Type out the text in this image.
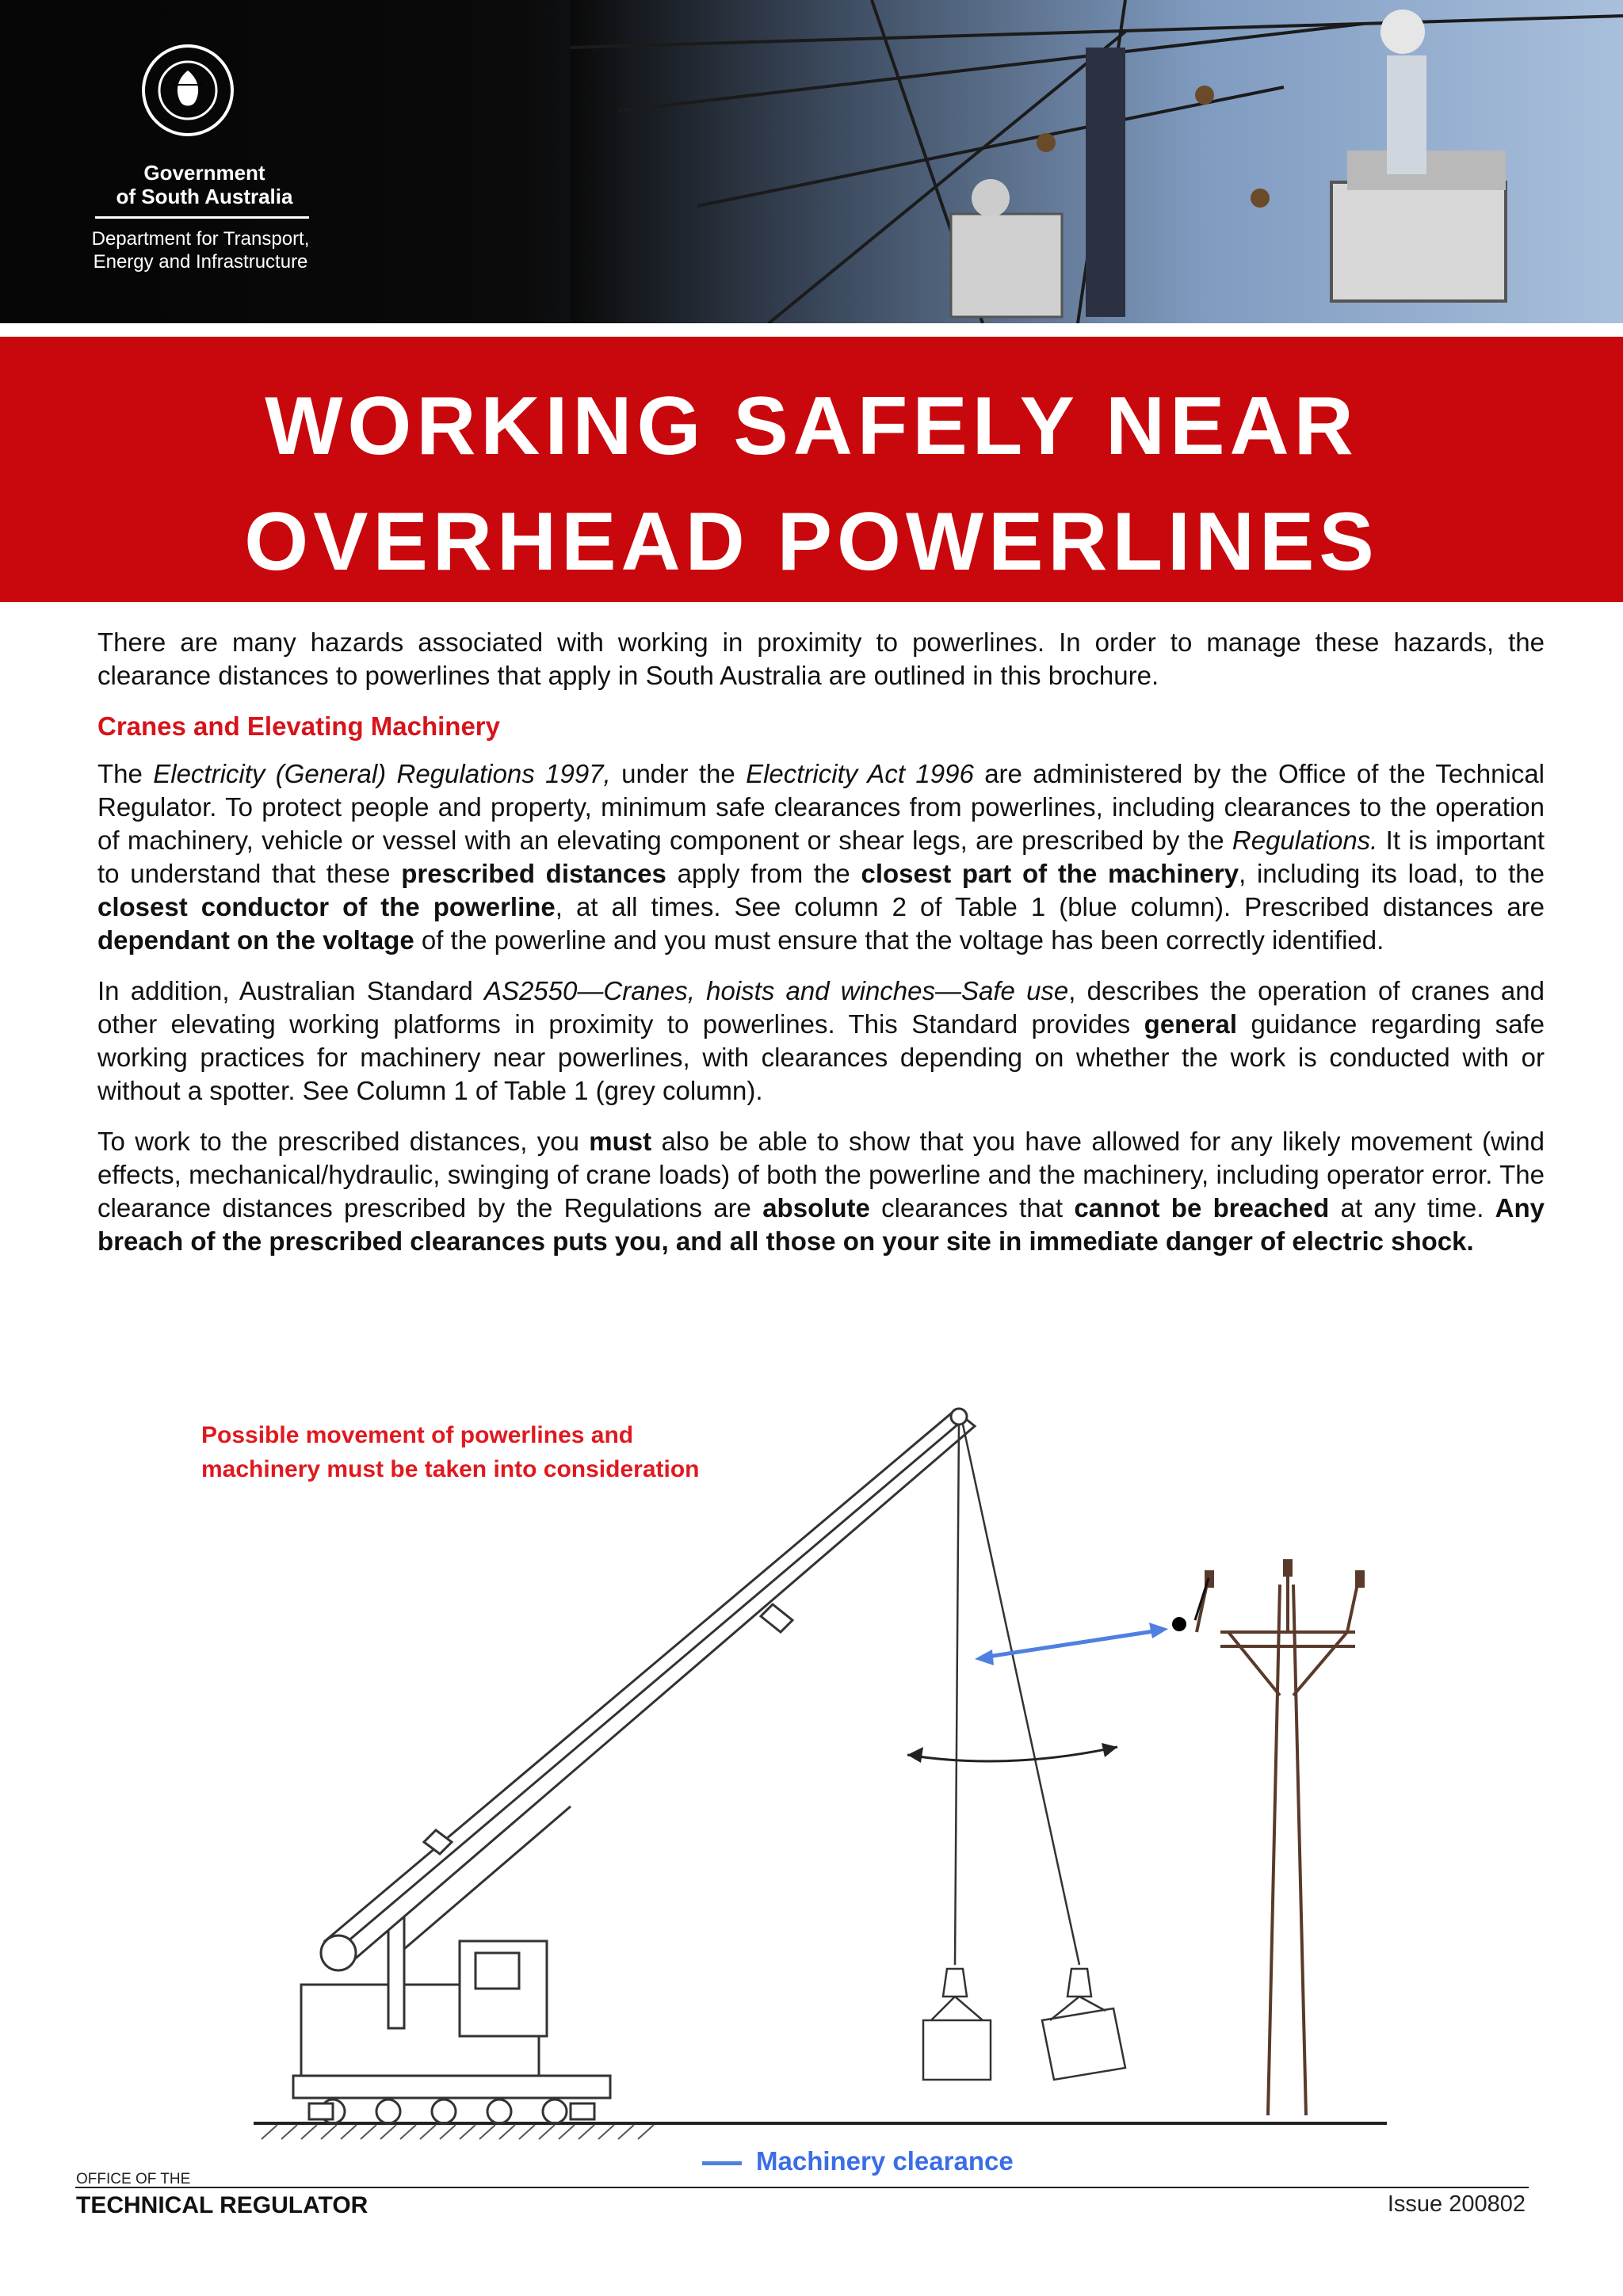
Government
of South Australia
Department for Transport,
Energy and Infrastructure
WORKING SAFELY NEAR
OVERHEAD POWERLINES

There are many hazards associated with working in proximity to powerlines. In order to manage these hazards, the clearance distances to powerlines that apply in South Australia are outlined in this brochure.

Cranes and Elevating Machinery

The Electricity (General) Regulations 1997, under the Electricity Act 1996 are administered by the Office of the Technical Regulator. To protect people and property, minimum safe clearances from powerlines, including clearances to the operation of machinery, vehicle or vessel with an elevating component or shear legs, are prescribed by the Regulations. It is important to understand that these prescribed distances apply from the closest part of the machinery, including its load, to the closest conductor of the powerline, at all times. See column 2 of Table 1 (blue column). Prescribed distances are dependant on the voltage of the powerline and you must ensure that the voltage has been correctly identified.

In addition, Australian Standard AS2550—Cranes, hoists and winches—Safe use, describes the operation of cranes and other elevating working platforms in proximity to powerlines. This Standard provides general guidance regarding safe working practices for machinery near powerlines, with clearances depending on whether the work is conducted with or without a spotter. See Column 1 of Table 1 (grey column).

To work to the prescribed distances, you must also be able to show that you have allowed for any likely movement (wind effects, mechanical/hydraulic, swinging of crane loads) of both the powerline and the machinery, including operator error. The clearance distances prescribed by the Regulations are absolute clearances that cannot be breached at any time. Any breach of the prescribed clearances puts you, and all those on your site in immediate danger of electric shock.

Possible movement of powerlines and
machinery must be taken into consideration
Machinery clearance
OFFICE OF THE
TECHNICAL REGULATOR	Issue 200802
